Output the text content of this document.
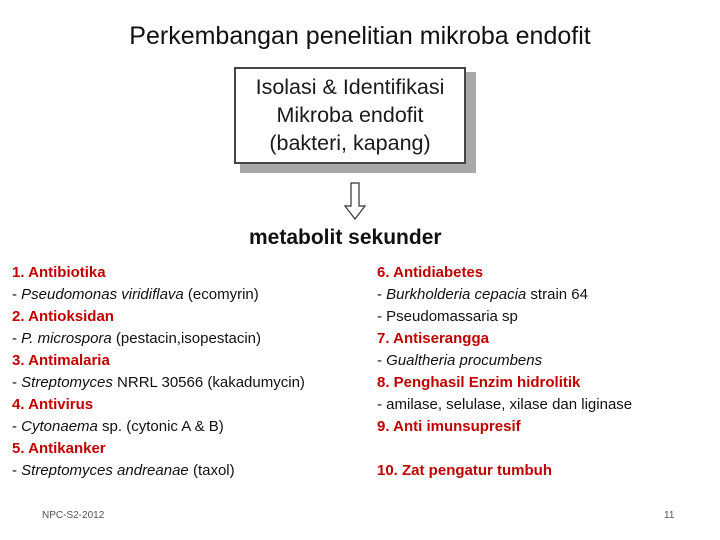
Perkembangan penelitian mikroba endofit
Isolasi & Identifikasi
Mikroba endofit
(bakteri, kapang)
metabolit sekunder
1. Antibiotika
- Pseudomonas viridiflava (ecomyrin)
2. Antioksidan
- P. microspora (pestacin,isopestacin)
3. Antimalaria
- Streptomyces NRRL 30566 (kakadumycin)
4. Antivirus
- Cytonaema sp. (cytonic A & B)
5. Antikanker
- Streptomyces andreanae (taxol)
6. Antidiabetes
- Burkholderia cepacia strain 64
- Pseudomassaria sp
7. Antiserangga
- Gualtheria procumbens
8. Penghasil Enzim hidrolitik
- amilase, selulase, xilase dan liginase
9. Anti imunsupresif
10. Zat pengatur tumbuh
NPC-S2-2012	11
